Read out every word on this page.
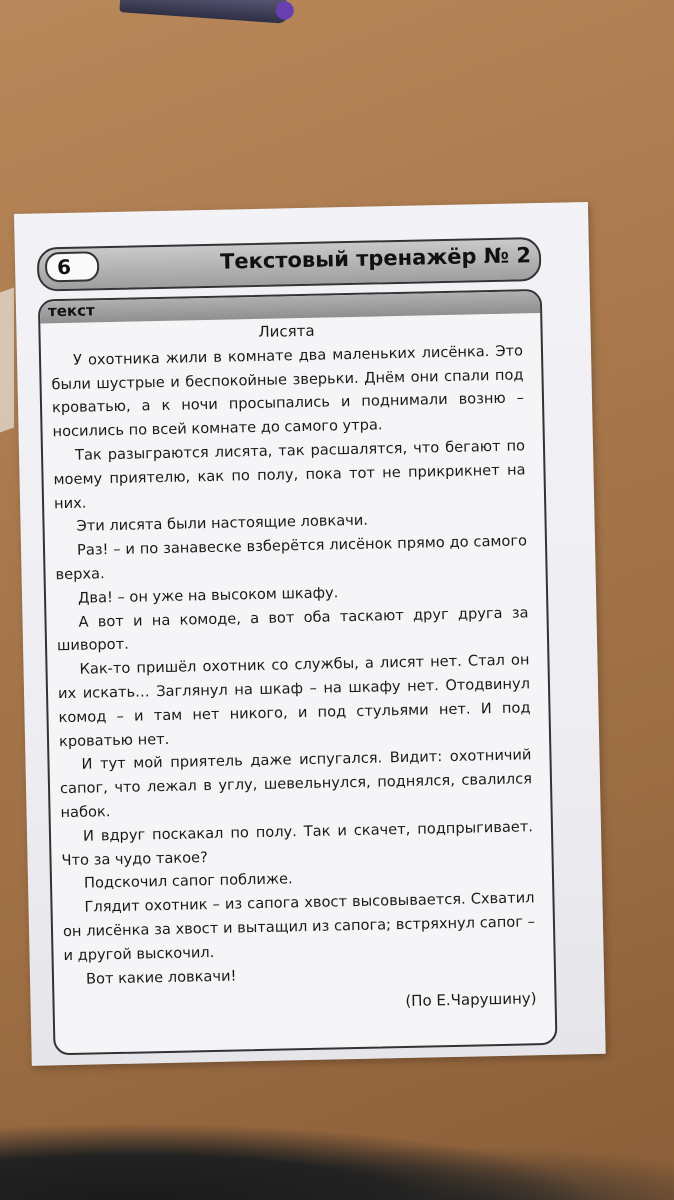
6	Текстовый тренажёр № 2
текст

Лисята

У охотника жили в комнате два маленьких лисёнка. Это были шустрые и беспокойные зверьки. Днём они спали под кроватью, а к ночи просыпались и поднимали возню – носились по всей комнате до самого утра.

Так разыграются лисята, так расшалятся, что бегают по моему приятелю, как по полу, пока тот не прикрикнет на них.

Эти лисята были настоящие ловкачи.

Раз! – и по занавеске взберётся лисёнок прямо до самого верха.

Два! – он уже на высоком шкафу.

А вот и на комоде, а вот оба таскают друг друга за шиворот.

Как-то пришёл охотник со службы, а лисят нет. Стал он их искать… Заглянул на шкаф – на шкафу нет. Отодвинул комод – и там нет никого, и под стульями нет. И под кроватью нет.

И тут мой приятель даже испугался. Видит: охотничий сапог, что лежал в углу, шевельнулся, поднялся, свалился набок.

И вдруг поскакал по полу. Так и скачет, подпрыгивает. Что за чудо такое?

Подскочил сапог поближе.

Глядит охотник – из сапога хвост высовывается. Схватил он лисёнка за хвост и вытащил из сапога; встряхнул сапог – и другой выскочил.

Вот какие ловкачи!

(По Е.Чарушину)
